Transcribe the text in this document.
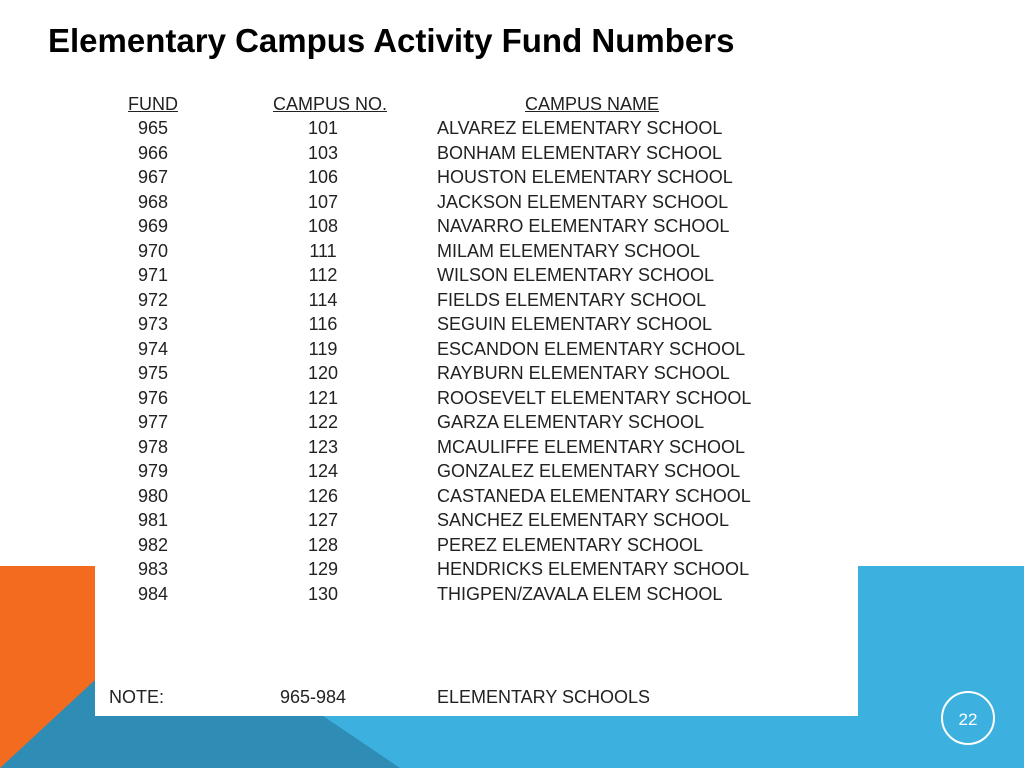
Elementary Campus Activity Fund Numbers
FUND	CAMPUS NO.	CAMPUS NAME
965	101	ALVAREZ ELEMENTARY SCHOOL
966	103	BONHAM ELEMENTARY SCHOOL
967	106	HOUSTON ELEMENTARY SCHOOL
968	107	JACKSON ELEMENTARY SCHOOL
969	108	NAVARRO ELEMENTARY SCHOOL
970	111	MILAM ELEMENTARY SCHOOL
971	112	WILSON ELEMENTARY SCHOOL
972	114	FIELDS ELEMENTARY SCHOOL
973	116	SEGUIN ELEMENTARY SCHOOL
974	119	ESCANDON ELEMENTARY SCHOOL
975	120	RAYBURN ELEMENTARY SCHOOL
976	121	ROOSEVELT ELEMENTARY SCHOOL
977	122	GARZA ELEMENTARY SCHOOL
978	123	MCAULIFFE ELEMENTARY SCHOOL
979	124	GONZALEZ ELEMENTARY SCHOOL
980	126	CASTANEDA ELEMENTARY SCHOOL
981	127	SANCHEZ ELEMENTARY SCHOOL
982	128	PEREZ ELEMENTARY SCHOOL
983	129	HENDRICKS ELEMENTARY SCHOOL
984	130	THIGPEN/ZAVALA ELEM SCHOOL
NOTE:	965-984	ELEMENTARY SCHOOLS
22
